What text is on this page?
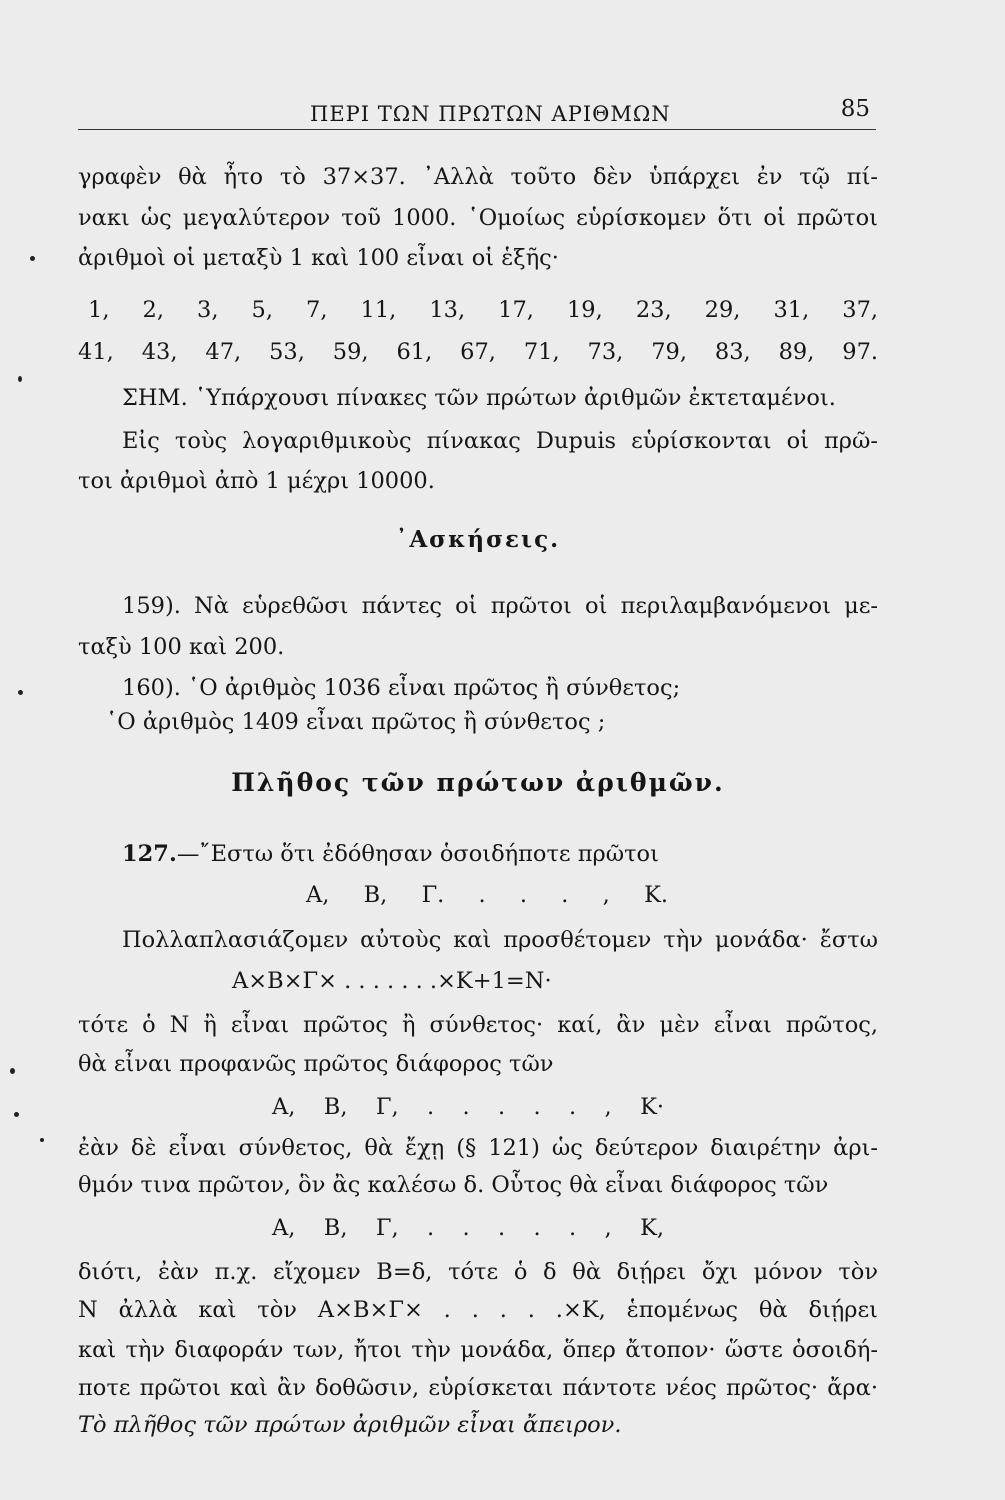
ΠΕΡΙ ΤΩΝ ΠΡΩΤΩΝ ΑΡΙΘΜΩΝ	85
γραφὲν θὰ ἦτο τὸ 37×37. ᾿Αλλὰ τοῦτο δὲν ὑπάρχει ἐν τῷ πί-
νακι ὡς μεγαλύτερον τοῦ 1000. ῾Ομοίως εὑρίσκομεν ὅτι οἱ πρῶτοι
ἀριθμοὶ οἱ μεταξὺ 1 καὶ 100 εἶναι οἱ ἑξῆς·
1, 2, 3, 5, 7, 11, 13, 17, 19, 23, 29, 31, 37,
41, 43, 47, 53, 59, 61, 67, 71, 73, 79, 83, 89, 97.
ΣΗΜ. ῾Υπάρχουσι πίνακες τῶν πρώτων ἀριθμῶν ἐκτεταμένοι.
Εἰς τοὺς λογαριθμικοὺς πίνακας Dupuis εὑρίσκονται οἱ πρῶ-
τοι ἀριθμοὶ ἀπὸ 1 μέχρι 10000.
᾿Ασκήσεις.
159). Νὰ εὑρεθῶσι πάντες οἱ πρῶτοι οἱ περιλαμβανόμενοι με-
ταξὺ 100 καὶ 200.
160). ῾Ο ἀριθμὸς 1036 εἶναι πρῶτος ἢ σύνθετος;
῾Ο ἀριθμὸς 1409 εἶναι πρῶτος ἢ σύνθετος ;
Πλῆθος τῶν πρώτων ἀριθμῶν.
127.—῎Εστω ὅτι ἐδόθησαν ὁσοιδήποτε πρῶτοι
Α, Β, Γ. . . . , Κ.
Πολλαπλασιάζομεν αὐτοὺς καὶ προσθέτομεν τὴν μονάδα· ἔστω
Α×Β×Γ× . . . . . . .×Κ+1=Ν·
τότε ὁ Ν ἢ εἶναι πρῶτος ἢ σύνθετος· καί, ἂν μὲν εἶναι πρῶτος,
θὰ εἶναι προφανῶς πρῶτος διάφορος τῶν
Α, Β, Γ, . . . . . , Κ·
ἐὰν δὲ εἶναι σύνθετος, θὰ ἔχῃ (§ 121) ὡς δεύτερον διαιρέτην ἀρι-
θμόν τινα πρῶτον, ὃν ἂς καλέσω δ. Οὗτος θὰ εἶναι διάφορος τῶν
Α, Β, Γ, . . . . . , Κ,
διότι, ἐὰν π.χ. εἴχομεν Β=δ, τότε ὁ δ θὰ διῄρει ὄχι μόνον τὸν
Ν ἀλλὰ καὶ τὸν Α×Β×Γ× . . . . .×Κ, ἑπομένως θὰ διῄρει
καὶ τὴν διαφοράν των, ἤτοι τὴν μονάδα, ὅπερ ἄτοπον· ὥστε ὁσοιδή-
ποτε πρῶτοι καὶ ἂν δοθῶσιν, εὑρίσκεται πάντοτε νέος πρῶτος· ἄρα·
Τὸ πλῆθος τῶν πρώτων ἀριθμῶν εἶναι ἄπειρον.
